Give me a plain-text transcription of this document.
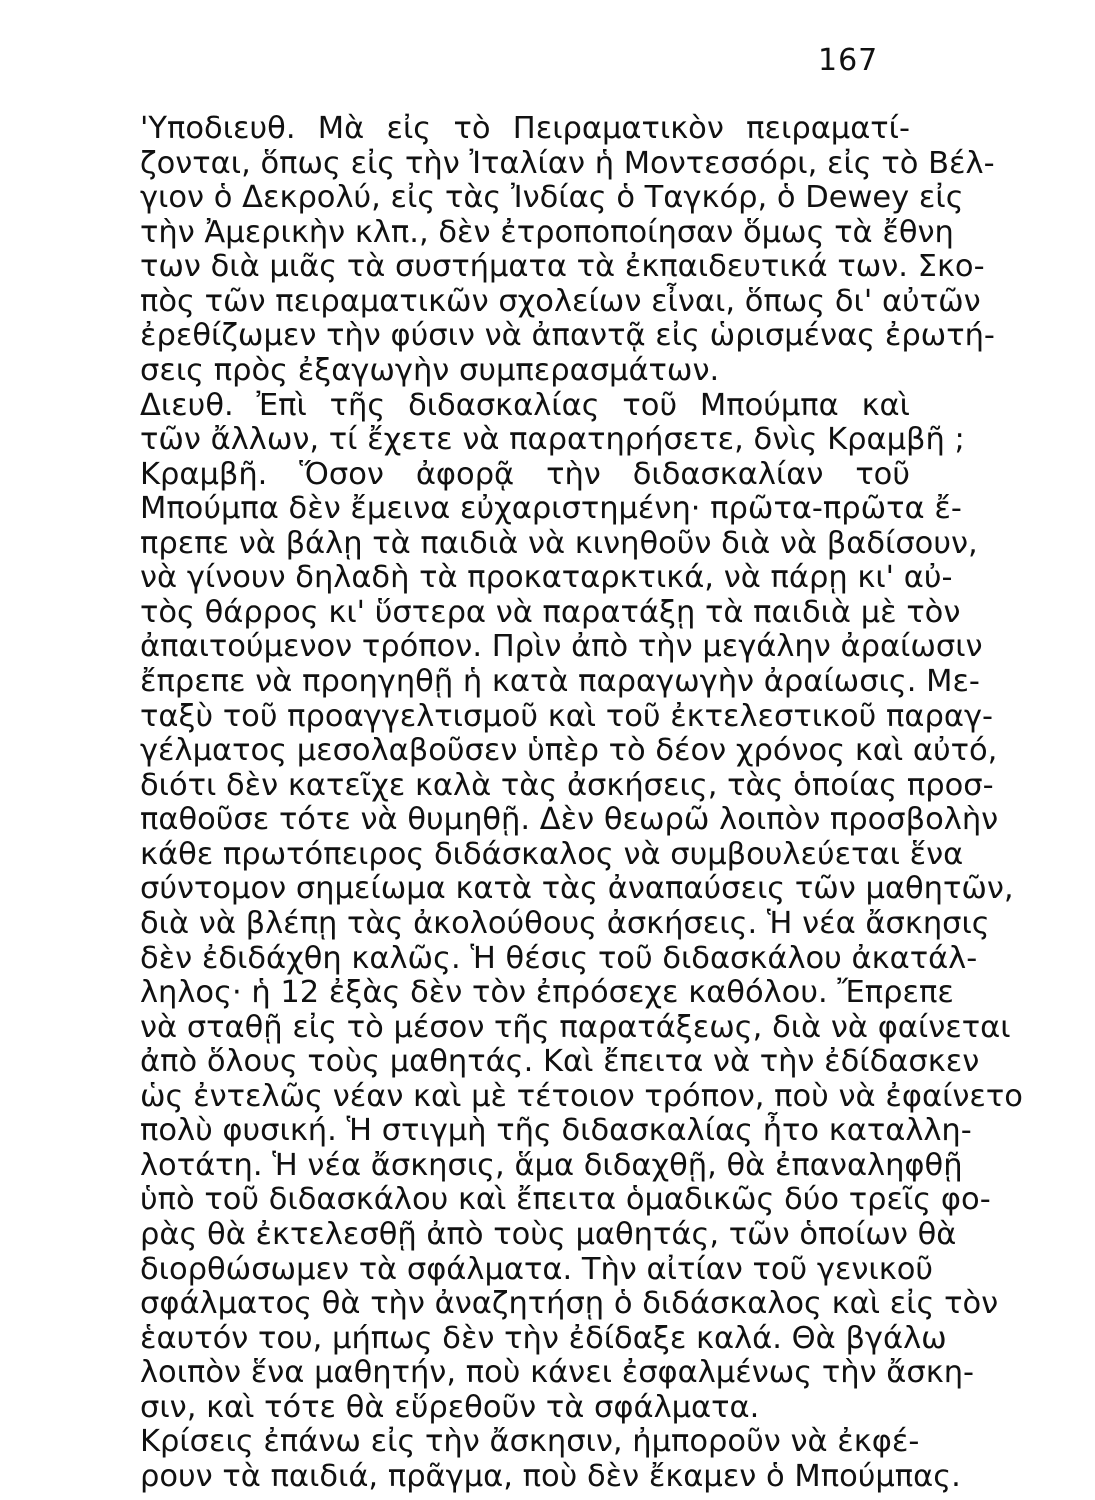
167
'Υποδιευθ. Μὰ εἰς τὸ Πειραματικὸν πειραματί-
ζονται, ὅπως εἰς τὴν Ἰταλίαν ἡ Μοντεσσόρι, εἰς τὸ Βέλ-
γιον ὁ Δεκρολύ, εἰς τὰς Ἰνδίας ὁ Ταγκόρ, ὁ Dewey εἰς
τὴν Ἀμερικὴν κλπ., δὲν ἐτροποποίησαν ὅμως τὰ ἔθνη
των διὰ μιᾶς τὰ συστήματα τὰ ἐκπαιδευτικά των. Σκο-
πὸς τῶν πειραματικῶν σχολείων εἶναι, ὅπως δι' αὐτῶν
ἐρεθίζωμεν τὴν φύσιν νὰ ἀπαντᾷ εἰς ὡρισμένας ἐρωτή-
σεις πρὸς ἐξαγωγὴν συμπερασμάτων.
Διευθ. Ἐπὶ τῆς διδασκαλίας τοῦ Μπούμπα καὶ
τῶν ἄλλων, τί ἔχετε νὰ παρατηρήσετε, δνὶς Κραμβῆ ;
Κραμβῆ. Ὅσον ἀφορᾷ τὴν διδασκαλίαν τοῦ
Μπούμπα δὲν ἔμεινα εὐχαριστημένη· πρῶτα-πρῶτα ἔ-
πρεπε νὰ βάλῃ τὰ παιδιὰ νὰ κινηθοῦν διὰ νὰ βαδίσουν,
νὰ γίνουν δηλαδὴ τὰ προκαταρκτικά, νὰ πάρῃ κι' αὐ-
τὸς θάρρος κι' ὕστερα νὰ παρατάξῃ τὰ παιδιὰ μὲ τὸν
ἀπαιτούμενον τρόπον. Πρὶν ἀπὸ τὴν μεγάλην ἀραίωσιν
ἔπρεπε νὰ προηγηθῇ ἡ κατὰ παραγωγὴν ἀραίωσις. Με-
ταξὺ τοῦ προαγγελτισμοῦ καὶ τοῦ ἐκτελεστικοῦ παραγ-
γέλματος μεσολαβοῦσεν ὑπὲρ τὸ δέον χρόνος καὶ αὐτό,
διότι δὲν κατεῖχε καλὰ τὰς ἀσκήσεις, τὰς ὁποίας προσ-
παθοῦσε τότε νὰ θυμηθῇ. Δὲν θεωρῶ λοιπὸν προσβολὴν
κάθε πρωτόπειρος διδάσκαλος νὰ συμβουλεύεται ἕνα
σύντομον σημείωμα κατὰ τὰς ἀναπαύσεις τῶν μαθητῶν,
διὰ νὰ βλέπῃ τὰς ἀκολούθους ἀσκήσεις. Ἡ νέα ἄσκησις
δὲν ἐδιδάχθη καλῶς. Ἡ θέσις τοῦ διδασκάλου ἀκατάλ-
ληλος· ἡ 12 ἐξὰς δὲν τὸν ἐπρόσεχε καθόλου. Ἔπρεπε
νὰ σταθῇ εἰς τὸ μέσον τῆς παρατάξεως, διὰ νὰ φαίνεται
ἀπὸ ὅλους τοὺς μαθητάς. Καὶ ἔπειτα νὰ τὴν ἐδίδασκεν
ὡς ἐντελῶς νέαν καὶ μὲ τέτοιον τρόπον, ποὺ νὰ ἐφαίνετο
πολὺ φυσική. Ἡ στιγμὴ τῆς διδασκαλίας ἦτο καταλλη-
λοτάτη. Ἡ νέα ἄσκησις, ἅμα διδαχθῇ, θὰ ἐπαναληφθῇ
ὑπὸ τοῦ διδασκάλου καὶ ἔπειτα ὁμαδικῶς δύο τρεῖς φο-
ρὰς θὰ ἐκτελεσθῇ ἀπὸ τοὺς μαθητάς, τῶν ὁποίων θὰ
διορθώσωμεν τὰ σφάλματα. Τὴν αἰτίαν τοῦ γενικοῦ
σφάλματος θὰ τὴν ἀναζητήσῃ ὁ διδάσκαλος καὶ εἰς τὸν
ἑαυτόν του, μήπως δὲν τὴν ἐδίδαξε καλά. Θὰ βγάλω
λοιπὸν ἕνα μαθητήν, ποὺ κάνει ἐσφαλμένως τὴν ἄσκη-
σιν, καὶ τότε θὰ εὕρεθοῦν τὰ σφάλματα.
Κρίσεις ἐπάνω εἰς τὴν ἄσκησιν, ἠμποροῦν νὰ ἐκφέ-
ρουν τὰ παιδιά, πρᾶγμα, ποὺ δὲν ἔκαμεν ὁ Μπούμπας.
